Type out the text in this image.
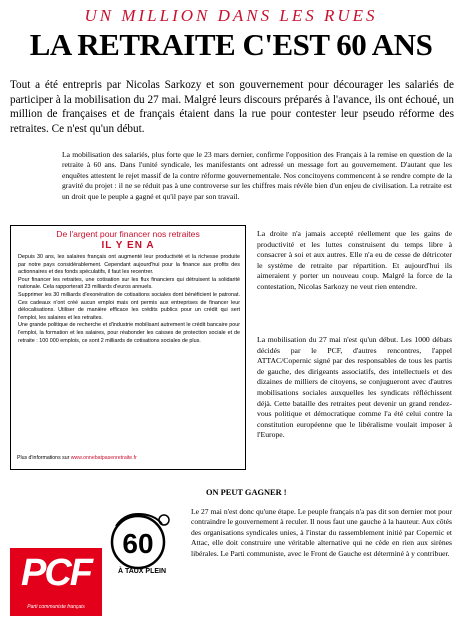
UN MILLION DANS LES RUES
LA RETRAITE C'EST 60 ANS
Tout a été entrepris par Nicolas Sarkozy et son gouvernement pour décourager les salariés de participer à la mobilisation du 27 mai. Malgré leurs discours préparés à l'avance, ils ont échoué, un million de françaises et de français étaient dans la rue pour contester leur pseudo réforme des retraites. Ce n'est qu'un début.
La mobilisation des salariés, plus forte que le 23 mars dernier, confirme l'opposition des Français à la remise en question de la retraite à 60 ans. Dans l'unité syndicale, les manifestants ont adressé un message fort au gouvernement. D'autant que les enquêtes attestent le rejet massif de la contre réforme gouvernementale. Nos concitoyens commencent à se rendre compte de la gravité du projet : il ne se réduit pas à une controverse sur les chiffres mais révèle bien d'un enjeu de civilisation. La retraite est un droit que le peuple a gagné et qu'il paye par son travail.
De l'argent pour financer nos retraites
IL Y EN A

Depuis 30 ans, les salaires français ont augmenté leur productivité et la richesse produite par notre pays considérablement. Cependant aujourd'hui pour la finance aux profits des actionnaires et des fonds spéculatifs, il faut les recentrer.

Pour financer les retraites, une cotisation sur les flux financiers qui détruisent la solidarité nationale. Cela rapporterait 23 milliards d'euros annuels.

Supprimer les 30 milliards d'exonération de cotisations sociales dont bénéficient le patronat. Ces cadeaux n'ont créé aucun emploi mais ont permis aux entreprises de financer leur délocalisations. Utiliser de manière efficace les crédits publics pour un crédit qui sert l'emploi, les salaires et les retraites.

Une grande politique de recherche et d'industrie mobilisant autrement le crédit bancaire pour l'emploi, la formation et les salaires, pour réabonder les caisses de protection sociale et de retraite : 100 000 emplois, ce sont 2 milliards de cotisations sociales de plus.

Plus d'informations sur www.onnebatpasenretraite.fr
La droite n'a jamais accepté réellement que les gains de productivité et les luttes construisent du temps libre à consacrer à soi et aux autres. Elle n'a eu de cesse de détricoter le système de retraite par répartition. Et aujourd'hui ils aimeraient y porter un nouveau coup. Malgré la force de la contestation, Nicolas Sarkozy ne veut rien entendre.
La mobilisation du 27 mai n'est qu'un début. Les 1000 débats décidés par le PCF, d'autres rencontres, l'appel ATTAC/Copernic signé par des responsables de tous les partis de gauche, des dirigeants associatifs, des intellectuels et des dizaines de milliers de citoyens, se conjugueront avec d'autres mobilisations sociales auxquelles les syndicats réfléchissent déjà. Cette bataille des retraites peut devenir un grand rendez-vous politique et démocratique comme l'a été celui contre la constitution européenne que le libéralisme voulait imposer à l'Europe.
ON PEUT GAGNER !
Le 27 mai n'est donc qu'une étape. Le peuple français n'a pas dit son dernier mot pour contraindre le gouvernement à reculer. Il nous faut une gauche à la hauteur. Aux côtés des organisations syndicales unies, à l'instar du rassemblement initié par Copernic et Attac, elle doit construire une véritable alternative qui ne cède en rien aux sirènes libérales. Le Parti communiste, avec le Front de Gauche est déterminé à y contribuer.
60
À TAUX PLEIN
PCF
Parti communiste français
